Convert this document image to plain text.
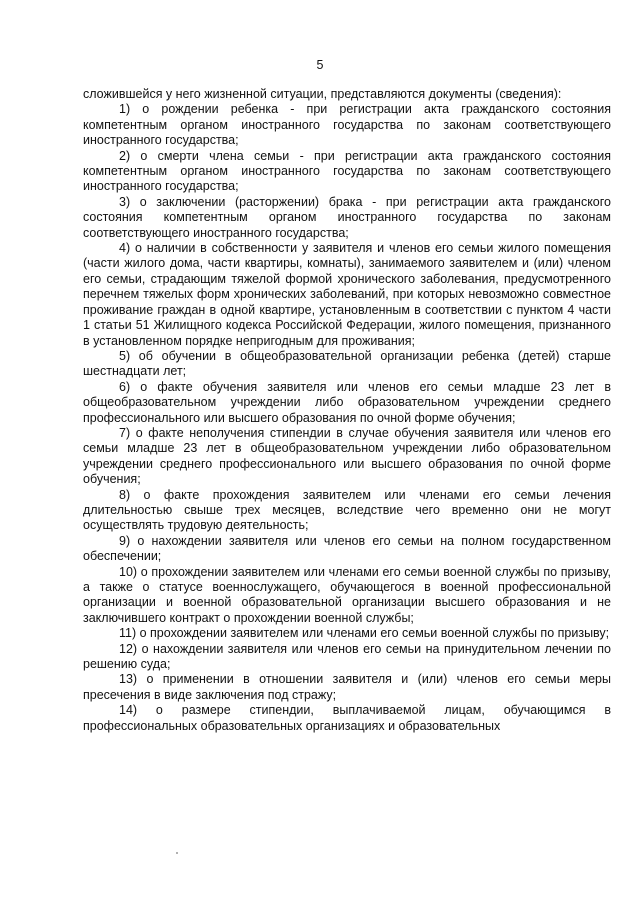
5

сложившейся у него жизненной ситуации, представляются документы (сведения):

1) о рождении ребенка - при регистрации акта гражданского состояния компетентным органом иностранного государства по законам соответствующего иностранного государства;

2) о смерти члена семьи - при регистрации акта гражданского состояния компетентным органом иностранного государства по законам соответствующего иностранного государства;

3) о заключении (расторжении) брака - при регистрации акта гражданского состояния компетентным органом иностранного государства по законам соответствующего иностранного государства;

4) о наличии в собственности у заявителя и членов его семьи жилого помещения (части жилого дома, части квартиры, комнаты), занимаемого заявителем и (или) членом его семьи, страдающим тяжелой формой хронического заболевания, предусмотренного перечнем тяжелых форм хронических заболеваний, при которых невозможно совместное проживание граждан в одной квартире, установленным в соответствии с пунктом 4 части 1 статьи 51 Жилищного кодекса Российской Федерации, жилого помещения, признанного в установленном порядке непригодным для проживания;

5) об обучении в общеобразовательной организации ребенка (детей) старше шестнадцати лет;

6) о факте обучения заявителя или членов его семьи младше 23 лет в общеобразовательном учреждении либо образовательном учреждении среднего профессионального или высшего образования по очной форме обучения;

7) о факте неполучения стипендии в случае обучения заявителя или членов его семьи младше 23 лет в общеобразовательном учреждении либо образовательном учреждении среднего профессионального или высшего образования по очной форме обучения;

8) о факте прохождения заявителем или членами его семьи лечения длительностью свыше трех месяцев, вследствие чего временно они не могут осуществлять трудовую деятельность;

9) о нахождении заявителя или членов его семьи на полном государственном обеспечении;

10) о прохождении заявителем или членами его семьи военной службы по призыву, а также о статусе военнослужащего, обучающегося в военной профессиональной организации и военной образовательной организации высшего образования и не заключившего контракт о прохождении военной службы;

11) о прохождении заявителем или членами его семьи военной службы по призыву;

12) о нахождении заявителя или членов его семьи на принудительном лечении по решению суда;

13) о применении в отношении заявителя и (или) членов его семьи меры пресечения в виде заключения под стражу;

14) о размере стипендии, выплачиваемой лицам, обучающимся в профессиональных образовательных организациях и образовательных
